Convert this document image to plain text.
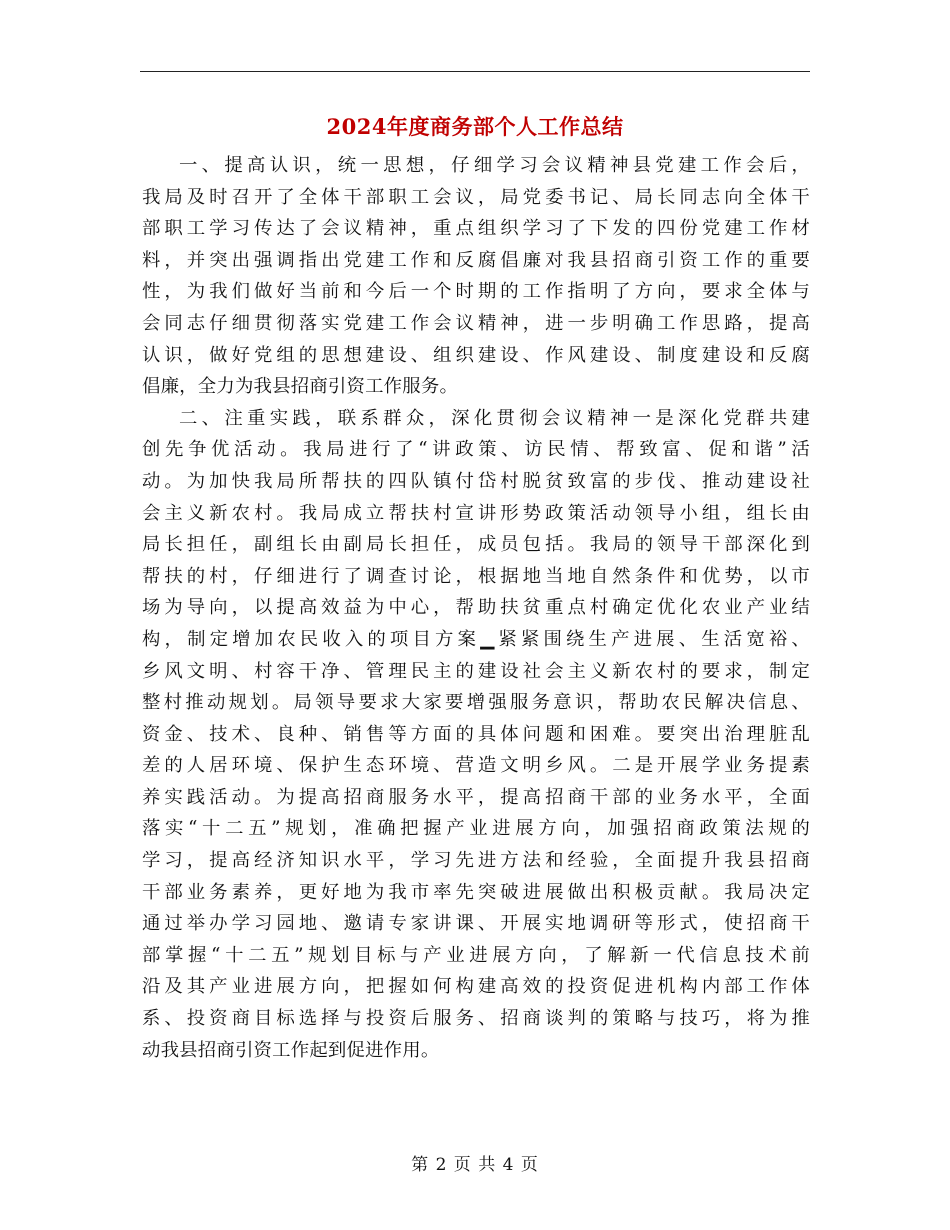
2024年度商务部个人工作总结
一、提高认识，统一思想，仔细学习会议精神县党建工作会后，
我局及时召开了全体干部职工会议，局党委书记、局长同志向全体干
部职工学习传达了会议精神，重点组织学习了下发的四份党建工作材
料，并突出强调指出党建工作和反腐倡廉对我县招商引资工作的重要
性，为我们做好当前和今后一个时期的工作指明了方向，要求全体与
会同志仔细贯彻落实党建工作会议精神，进一步明确工作思路，提高
认识，做好党组的思想建设、组织建设、作风建设、制度建设和反腐
倡廉，全力为我县招商引资工作服务。
二、注重实践，联系群众，深化贯彻会议精神一是深化党群共建
创先争优活动。我局进行了“讲政策、访民情、帮致富、促和谐”活
动。为加快我局所帮扶的四队镇付岱村脱贫致富的步伐、推动建设社
会主义新农村。我局成立帮扶村宣讲形势政策活动领导小组，组长由
局长担任，副组长由副局长担任，成员包括。我局的领导干部深化到
帮扶的村，仔细进行了调查讨论，根据地当地自然条件和优势，以市
场为导向，以提高效益为中心，帮助扶贫重点村确定优化农业产业结
构，制定增加农民收入的项目方案▁紧紧围绕生产进展、生活宽裕、
乡风文明、村容干净、管理民主的建设社会主义新农村的要求，制定
整村推动规划。局领导要求大家要增强服务意识，帮助农民解决信息、
资金、技术、良种、销售等方面的具体问题和困难。要突出治理脏乱
差的人居环境、保护生态环境、营造文明乡风。二是开展学业务提素
养实践活动。为提高招商服务水平，提高招商干部的业务水平，全面
落实“十二五”规划，准确把握产业进展方向，加强招商政策法规的
学习，提高经济知识水平，学习先进方法和经验，全面提升我县招商
干部业务素养，更好地为我市率先突破进展做出积极贡献。我局决定
通过举办学习园地、邀请专家讲课、开展实地调研等形式，使招商干
部掌握“十二五”规划目标与产业进展方向，了解新一代信息技术前
沿及其产业进展方向，把握如何构建高效的投资促进机构内部工作体
系、投资商目标选择与投资后服务、招商谈判的策略与技巧，将为推
动我县招商引资工作起到促进作用。
第 2 页 共 4 页
